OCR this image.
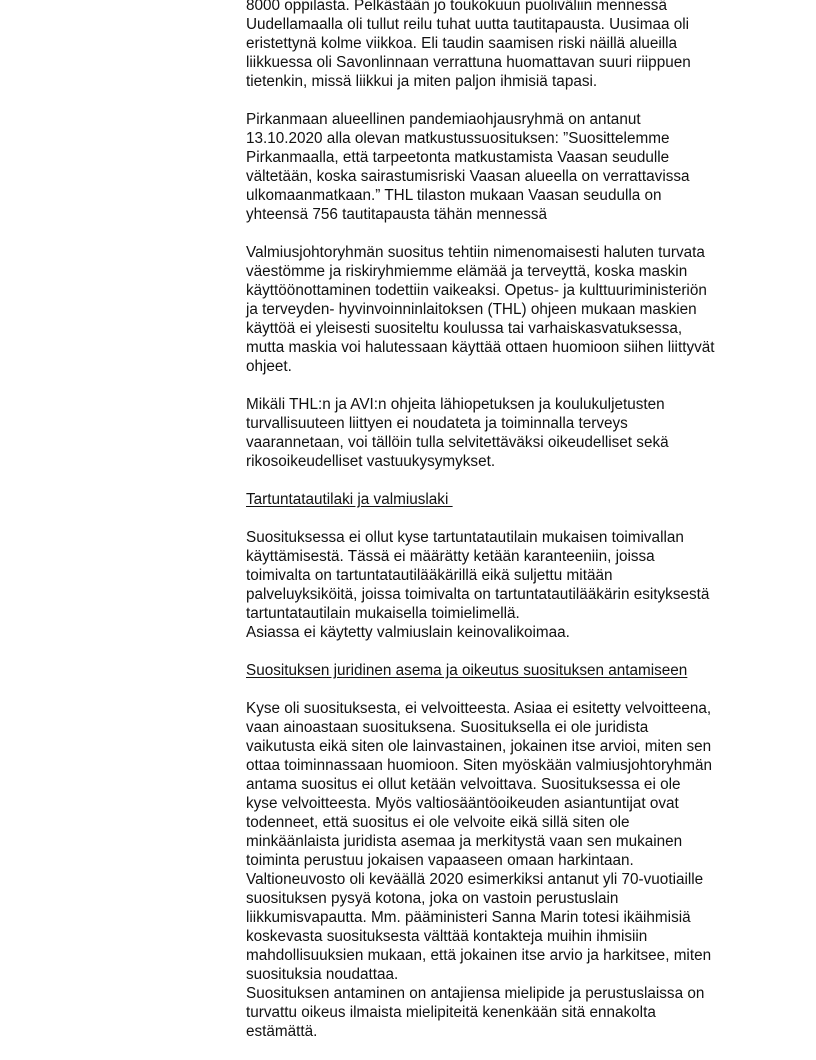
8000 oppilasta. Pelkästään jo toukokuun puoliväliin mennessä
Uudellamaalla oli tullut reilu tuhat uutta tautitapausta. Uusimaa oli
eristettynä kolme viikkoa. Eli taudin saamisen riski näillä alueilla
liikkuessa oli Savonlinnaan verrattuna huomattavan suuri riippuen
tietenkin, missä liikkui ja miten paljon ihmisiä tapasi.

Pirkanmaan alueellinen pandemiaohjausryhmä on antanut
13.10.2020 alla olevan matkustussuosituksen: ”Suosittelemme
Pirkanmaalla, että tarpeetonta matkustamista Vaasan seudulle
vältetään, koska sairastumisriski Vaasan alueella on verrattavissa
ulkomaanmatkaan.” THL tilaston mukaan Vaasan seudulla on
yhteensä 756 tautitapausta tähän mennessä

Valmiusjohtoryhmän suositus tehtiin nimenomaisesti haluten turvata
väestömme ja riskiryhmiemme elämää ja terveyttä, koska maskin
käyttöönottaminen todettiin vaikeaksi. Opetus- ja kulttuuriministeriön
ja terveyden- hyvinvoinninlaitoksen (THL) ohjeen mukaan maskien
käyttöä ei yleisesti suositeltu koulussa tai varhaiskasvatuksessa,
mutta maskia voi halutessaan käyttää ottaen huomioon siihen liittyvät
ohjeet.

Mikäli THL:n ja AVI:n ohjeita lähiopetuksen ja koulukuljetusten
turvallisuuteen liittyen ei noudateta ja toiminnalla terveys
vaarannetaan, voi tällöin tulla selvitettäväksi oikeudelliset sekä
rikosoikeudelliset vastuukysymykset.

Tartuntatautilaki ja valmiuslaki

Suosituksessa ei ollut kyse tartuntatautilain mukaisen toimivallan
käyttämisestä. Tässä ei määrätty ketään karanteeniin, joissa
toimivalta on tartuntatautilääkärillä eikä suljettu mitään
palveluyksiköitä, joissa toimivalta on tartuntatautilääkärin esityksestä
tartuntatautilain mukaisella toimielimellä.
Asiassa ei käytetty valmiuslain keinovalikoimaa.

Suosituksen juridinen asema ja oikeutus suosituksen antamiseen

Kyse oli suosituksesta, ei velvoitteesta. Asiaa ei esitetty velvoitteena,
vaan ainoastaan suosituksena. Suosituksella ei ole juridista
vaikutusta eikä siten ole lainvastainen, jokainen itse arvioi, miten sen
ottaa toiminnassaan huomioon. Siten myöskään valmiusjohtoryhmän
antama suositus ei ollut ketään velvoittava. Suosituksessa ei ole
kyse velvoitteesta. Myös valtiosääntöoikeuden asiantuntijat ovat
todenneet, että suositus ei ole velvoite eikä sillä siten ole
minkäänlaista juridista asemaa ja merkitystä vaan sen mukainen
toiminta perustuu jokaisen vapaaseen omaan harkintaan.
Valtioneuvosto oli keväällä 2020 esimerkiksi antanut yli 70-vuotiaille
suosituksen pysyä kotona, joka on vastoin perustuslain
liikkumisvapautta. Mm. pääministeri Sanna Marin totesi ikäihmisiä
koskevasta suosituksesta välttää kontakteja muihin ihmisiin
mahdollisuuksien mukaan, että jokainen itse arvio ja harkitsee, miten
suosituksia noudattaa.
Suosituksen antaminen on antajiensa mielipide ja perustuslaissa on
turvattu oikeus ilmaista mielipiteitä kenenkään sitä ennakolta
estämättä.
